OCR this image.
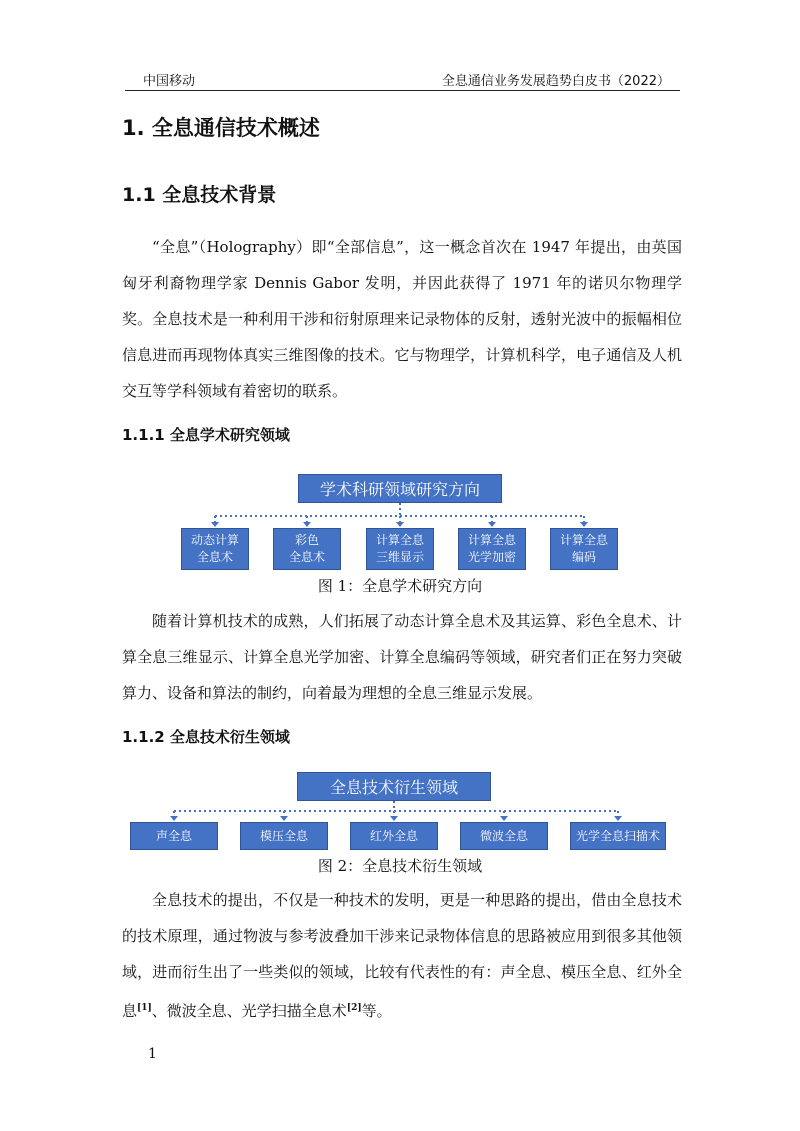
中国移动	全息通信业务发展趋势白皮书（2022）
1. 全息通信技术概述
1.1 全息技术背景

“全息”（Holography）即“全部信息”，这一概念首次在 1947 年提出，由英国匈牙利裔物理学家 Dennis Gabor 发明，并因此获得了 1971 年的诺贝尔物理学奖。全息技术是一种利用干涉和衍射原理来记录物体的反射，透射光波中的振幅相位信息进而再现物体真实三维图像的技术。它与物理学，计算机科学，电子通信及人机交互等学科领域有着密切的联系。

1.1.1 全息学术研究领域
学术科研领域研究方向
动态计算
全息术
彩色
全息术
计算全息
三维显示
计算全息
光学加密
计算全息
编码

图 1：全息学术研究方向

随着计算机技术的成熟，人们拓展了动态计算全息术及其运算、彩色全息术、计算全息三维显示、计算全息光学加密、计算全息编码等领域，研究者们正在努力突破算力、设备和算法的制约，向着最为理想的全息三维显示发展。

1.1.2 全息技术衍生领域
全息技术衍生领域
声全息	模压全息	红外全息	微波全息	光学全息扫描术

图 2：全息技术衍生领域

全息技术的提出，不仅是一种技术的发明，更是一种思路的提出，借由全息技术的技术原理，通过物波与参考波叠加干涉来记录物体信息的思路被应用到很多其他领域，进而衍生出了一些类似的领域，比较有代表性的有：声全息、模压全息、红外全息[1]、微波全息、光学扫描全息术[2]等。

1
